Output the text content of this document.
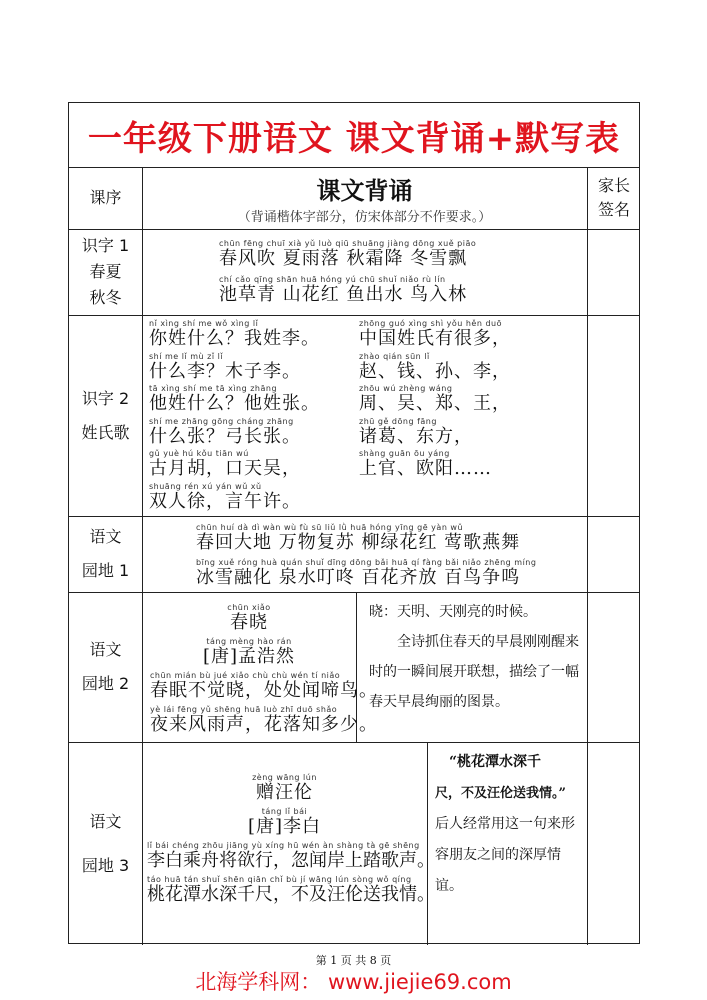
一年级下册语文 课文背诵+默写表
课序	课文背诵
（背诵楷体字部分，仿宋体部分不作要求。）
家长
签名
识字 1
春夏
秋冬
chūn fēng chuī xià yǔ luò qiū shuāng jiàng dōng xuě piāo
春风吹 夏雨落 秋霜降 冬雪飘
chí cǎo qīng shān huā hóng yú chū shuǐ niǎo rù lín
池草青 山花红 鱼出水 鸟入林
识字 2
姓氏歌
nǐ xìng shí me wǒ xìng lǐ
你姓什么？我姓李。
shí me lǐ mù zǐ lǐ
什么李？木子李。
tā xìng shí me tā xìng zhāng
他姓什么？他姓张。
shí me zhāng gōng cháng zhāng
什么张？弓长张。
gǔ yuè hú kǒu tiān wú
古月胡，口天吴，
shuāng rén xú yán wǔ xǔ
双人徐，言午许。
zhōng guó xìng shì yǒu hěn duō
中国姓氏有很多，
zhào qián sūn lǐ
赵、钱、孙、李，
zhōu wú zhèng wáng
周、吴、郑、王，
zhū gě dōng fāng
诸葛、东方，
shàng guān ōu yáng
上官、欧阳……
语文
园地 1
chūn huí dà dì wàn wù fù sū liǔ lǜ huā hóng yīng gē yàn wǔ
春回大地 万物复苏 柳绿花红 莺歌燕舞
bīng xuě róng huà quán shuǐ dīng dōng bǎi huā qí fàng bǎi niǎo zhēng míng
冰雪融化 泉水叮咚 百花齐放 百鸟争鸣
语文
园地 2
chūn xiǎo
春晓
táng mèng hào rán
[唐]孟浩然
chūn mián bù jué xiǎo chù chù wén tí niǎo
春眠不觉晓，处处闻啼鸟。
yè lái fēng yǔ shēng huā luò zhī duō shǎo
夜来风雨声，花落知多少。
晓：天明、天刚亮的时候。
全诗抓住春天的早晨刚刚醒来
时的一瞬间展开联想，描绘了一幅
春天早晨绚丽的图景。
语文
园地 3
zèng wāng lún
赠汪伦
táng lǐ bái
[唐]李白
lǐ bái chéng zhōu jiāng yù xíng hū wén àn shàng tà gē shēng
李白乘舟将欲行，忽闻岸上踏歌声。
táo huā tán shuǐ shēn qiān chǐ bù jí wāng lún sòng wǒ qíng
桃花潭水深千尺，不及汪伦送我情。
“桃花潭水深千
尺，不及汪伦送我情。”
后人经常用这一句来形
容朋友之间的深厚情
谊。
第 1 页 共 8 页
北海学科网： www.jiejie69.com
